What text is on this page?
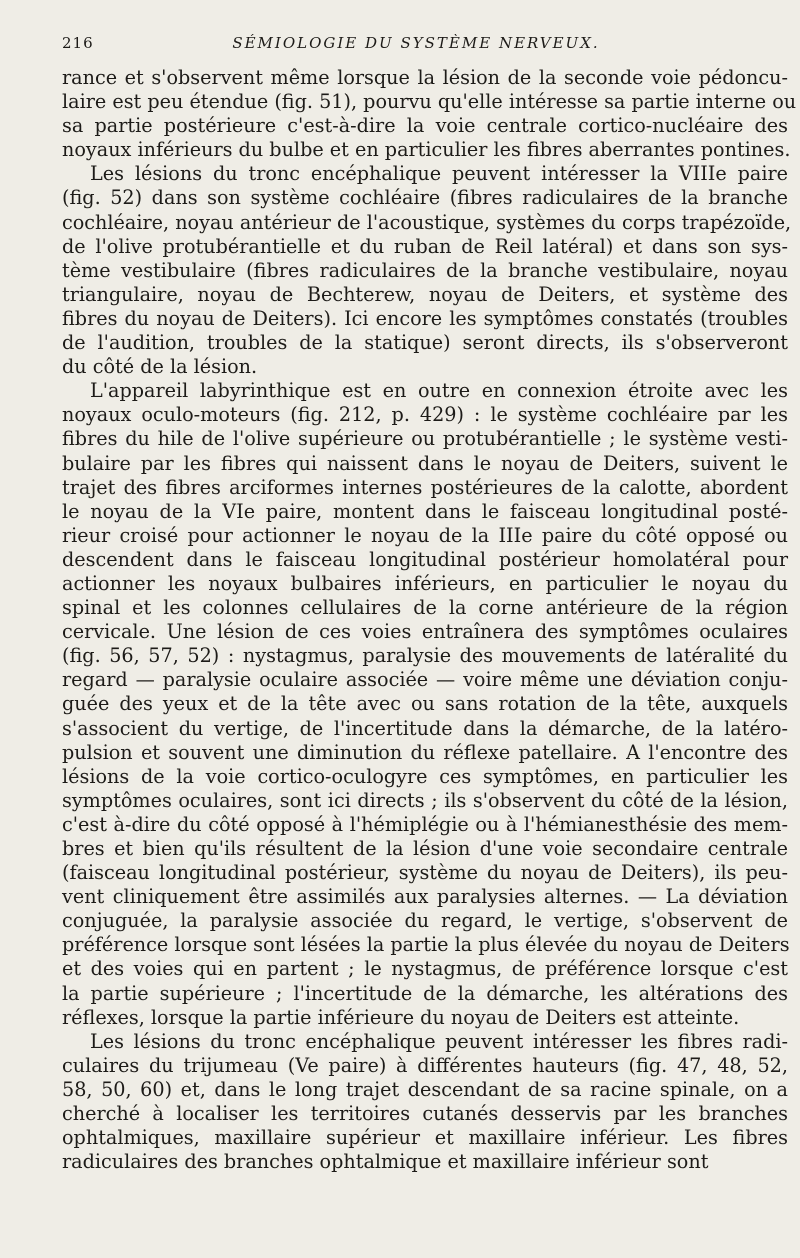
216	SÉMIOLOGIE DU SYSTÈME NERVEUX.
rance et s'observent même lorsque la lésion de la seconde voie pédoncu-
laire est peu étendue (fig. 51), pourvu qu'elle intéresse sa partie interne ou
sa partie postérieure c'est-à-dire la voie centrale cortico-nucléaire des
noyaux inférieurs du bulbe et en particulier les fibres aberrantes pontines.
Les lésions du tronc encéphalique peuvent intéresser la VIIIe paire
(fig. 52) dans son système cochléaire (fibres radiculaires de la branche
cochléaire, noyau antérieur de l'acoustique, systèmes du corps trapézoïde,
de l'olive protubérantielle et du ruban de Reil latéral) et dans son sys-
tème vestibulaire (fibres radiculaires de la branche vestibulaire, noyau
triangulaire, noyau de Bechterew, noyau de Deiters, et système des
fibres du noyau de Deiters). Ici encore les symptômes constatés (troubles
de l'audition, troubles de la statique) seront directs, ils s'observeront
du côté de la lésion.
L'appareil labyrinthique est en outre en connexion étroite avec les
noyaux oculo-moteurs (fig. 212, p. 429) : le système cochléaire par les
fibres du hile de l'olive supérieure ou protubérantielle ; le système vesti-
bulaire par les fibres qui naissent dans le noyau de Deiters, suivent le
trajet des fibres arciformes internes postérieures de la calotte, abordent
le noyau de la VIe paire, montent dans le faisceau longitudinal posté-
rieur croisé pour actionner le noyau de la IIIe paire du côté opposé ou
descendent dans le faisceau longitudinal postérieur homolatéral pour
actionner les noyaux bulbaires inférieurs, en particulier le noyau du
spinal et les colonnes cellulaires de la corne antérieure de la région
cervicale. Une lésion de ces voies entraînera des symptômes oculaires
(fig. 56, 57, 52) : nystagmus, paralysie des mouvements de latéralité du
regard — paralysie oculaire associée — voire même une déviation conju-
guée des yeux et de la tête avec ou sans rotation de la tête, auxquels
s'associent du vertige, de l'incertitude dans la démarche, de la latéro-
pulsion et souvent une diminution du réflexe patellaire. A l'encontre des
lésions de la voie cortico-oculogyre ces symptômes, en particulier les
symptômes oculaires, sont ici directs ; ils s'observent du côté de la lésion,
c'est à-dire du côté opposé à l'hémiplégie ou à l'hémianesthésie des mem-
bres et bien qu'ils résultent de la lésion d'une voie secondaire centrale
(faisceau longitudinal postérieur, système du noyau de Deiters), ils peu-
vent cliniquement être assimilés aux paralysies alternes. — La déviation
conjuguée, la paralysie associée du regard, le vertige, s'observent de
préférence lorsque sont lésées la partie la plus élevée du noyau de Deiters
et des voies qui en partent ; le nystagmus, de préférence lorsque c'est
la partie supérieure ; l'incertitude de la démarche, les altérations des
réflexes, lorsque la partie inférieure du noyau de Deiters est atteinte.
Les lésions du tronc encéphalique peuvent intéresser les fibres radi-
culaires du trijumeau (Ve paire) à différentes hauteurs (fig. 47, 48, 52,
58, 50, 60) et, dans le long trajet descendant de sa racine spinale, on a
cherché à localiser les territoires cutanés desservis par les branches
ophtalmiques, maxillaire supérieur et maxillaire inférieur. Les fibres
radiculaires des branches ophtalmique et maxillaire inférieur sont
